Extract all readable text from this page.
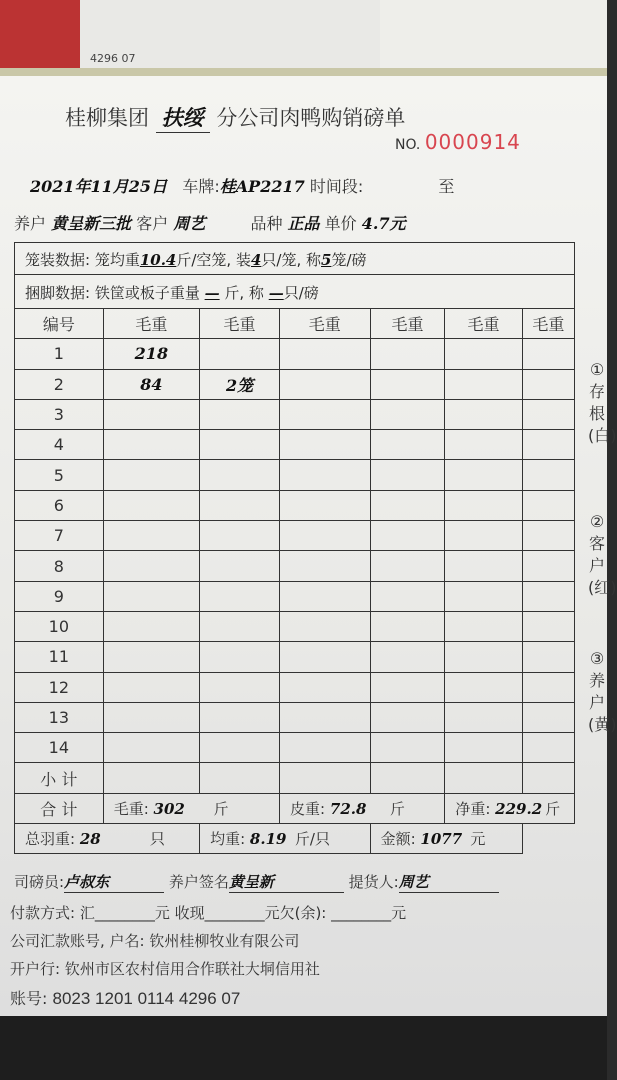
4296 07
桂柳集团 扶绥 分公司肉鸭购销磅单
NO. 0000914
2021年11月25日 车牌:桂AP2217 时间段:	至
养户 黄呈新三批 客户 周艺	品种 正品 单价 4.7元
笼装数据: 笼均重10.4斤/空笼, 装4只/笼, 称5笼/磅
捆脚数据: 铁筐或板子重量 — 斤, 称 —只/磅
编号	毛重	毛重	毛重	毛重	毛重	毛重
1	218					
2	84	2笼				
3						
4						
5						
6						
7						
8						
9						
10						
11						
12						
13						
14						
小 计						
合 计	毛重: 302 斤		皮重: 72.8 斤		净重: 229.2 斤	
总羽重: 28 只		均重: 8.19 斤/只		金额: 1077 元		
①存根(白)
②客户(红)
③养户(黄)
司磅员:卢叔东	养户签名黄呈新	提货人:周艺
付款方式: 汇________元 收现________元欠(余): ________元
公司汇款账号, 户名: 钦州桂柳牧业有限公司
开户行: 钦州市区农村信用合作联社大垌信用社
账号: 8023 1201 0114 4296 07
